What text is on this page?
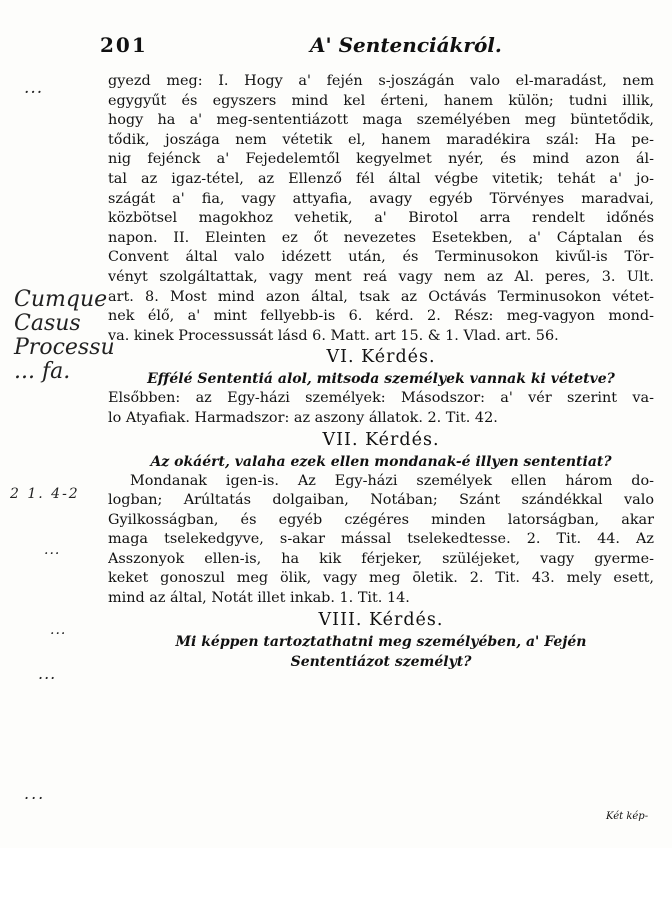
201	A' Sentenciákról.
...
Cumque Casus Processu ... fa.
2 1. 4-2
...
...
...
...
gyezd meg: I. Hogy a' fején s-joszágán valo el-maradást, nem
egygyűt és egyszers mind kel érteni, hanem külön; tudni illik,
hogy ha a' meg-sententiázott maga személyében meg büntetődik,
tődik, joszága nem vétetik el, hanem maradékira szál: Ha pe-
nig fejénck a' Fejedelemtől kegyelmet nyér, és mind azon ál-
tal az igaz-tétel, az Ellenző fél által végbe vitetik; tehát a' jo-
szágát a' fia, vagy attyafia, avagy egyéb Törvényes maradvai,
közbötsel magokhoz vehetik, a' Birotol arra rendelt időnés
napon. II. Eleinten ez őt nevezetes Esetekben, a' Cáptalan és
Convent által valo idézett után, és Terminusokon kivűl-is Tör-
vényt szolgáltattak, vagy ment reá vagy nem az Al. peres, 3. Ult.
art. 8. Most mind azon által, tsak az Octávás Terminusokon vétet-
nek élő, a' mint fellyebb-is 6. kérd. 2. Rész: meg-vagyon mond-
va. kinek Processussát lásd 6. Matt. art 15. & 1. Vlad. art. 56.
VI. Kérdés.
Effélé Sententiá alol, mitsoda személyek vannak ki vétetve?
Elsőbben: az Egy-házi személyek: Másodszor: a' vér szerint va-
lo Atyafiak. Harmadszor: az aszony állatok. 2. Tit. 42.
VII. Kérdés.
Az okáért, valaha ezek ellen mondanak-é illyen sententiat?
Mondanak igen-is. Az Egy-házi személyek ellen három do-
logban; Arúltatás dolgaiban, Notában; Szánt szándékkal valo
Gyilkosságban, és egyéb czégéres minden latorságban, akar
maga tselekedgyve, s-akar mással tselekedtesse. 2. Tit. 44. Az
Asszonyok ellen-is, ha kik férjeker, szüléjeket, vagy gyerme-
keket gonoszul meg ölik, vagy meg ōletik. 2. Tit. 43. mely esett,
mind az által, Notát illet inkab. 1. Tit. 14.
VIII. Kérdés.
Mi képpen tartoztathatni meg személyében, a' Fején
Sententiázot személyt?
Két kép-
